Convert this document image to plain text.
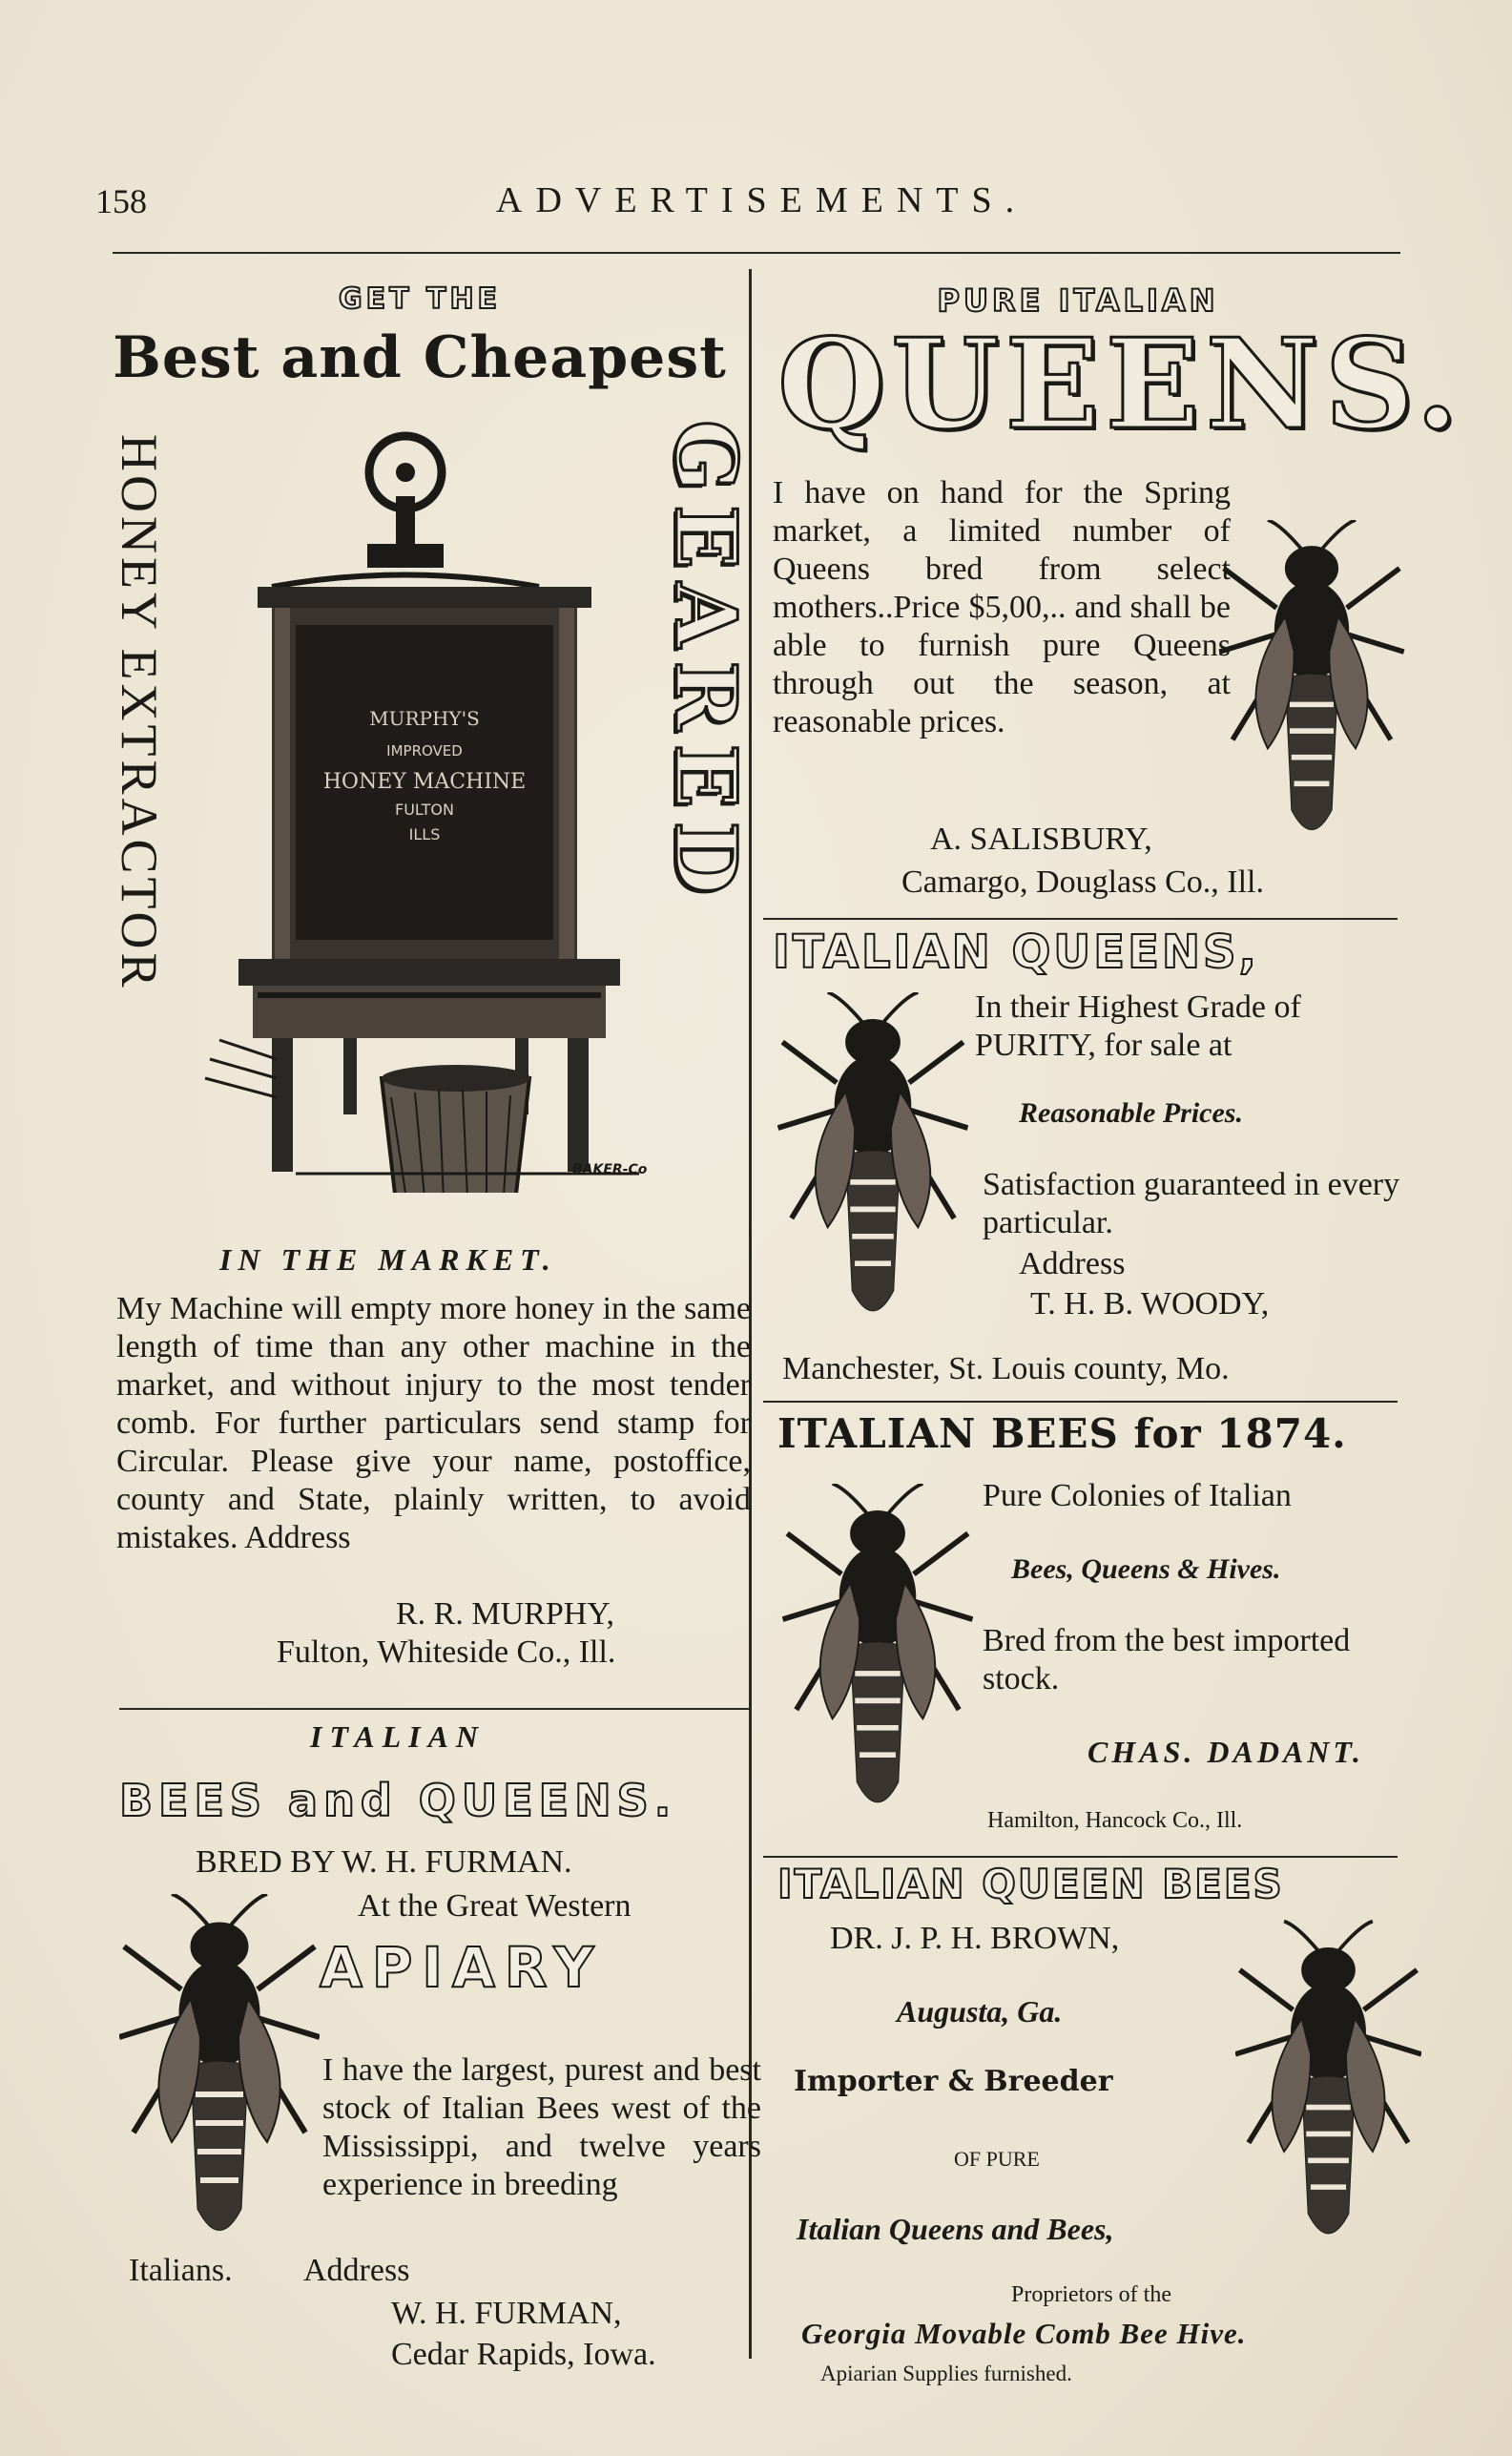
158	ADVERTISEMENTS.
GET THE
Best and Cheapest
HONEY EXTRACTOR	GEARED
MURPHY'S
IMPROVED
HONEY MACHINE
FULTON
ILLS
BAKER-Co
IN THE MARKET.
My Machine will empty more honey in the same length of time than any other machine in the market, and without injury to the most tender comb. For further particulars send stamp for Circular. Please give your name, postoffice, county and State, plainly written, to avoid mistakes. Address
R. R. MURPHY,
Fulton, Whiteside Co., Ill.
ITALIAN
BEES and QUEENS.
BRED BY W. H. FURMAN.
At the Great Western
APIARY
I have the largest, purest and best stock of Italian Bees west of the Mississippi, and twelve years experience in breeding
Italians. Address
W. H. FURMAN,
Cedar Rapids, Iowa.
PURE ITALIAN
QUEENS.
I have on hand for the Spring market, a limited number of Queens bred from select mothers..Price $5,00,.. and shall be able to furnish pure Queens through out the season, at reasonable prices.
A. SALISBURY,
Camargo, Douglass Co., Ill.
ITALIAN QUEENS,
In their Highest Grade of PURITY, for sale at
Reasonable Prices.
Satisfaction guaranteed in every particular.
Address
T. H. B. WOODY,
Manchester, St. Louis county, Mo.
ITALIAN BEES for 1874.
Pure Colonies of Italian
Bees, Queens & Hives.
Bred from the best imported stock.
CHAS. DADANT.
Hamilton, Hancock Co., Ill.
ITALIAN QUEEN BEES
DR. J. P. H. BROWN,
Augusta, Ga.
Importer & Breeder
OF PURE
Italian Queens and Bees,
Proprietors of the
Georgia Movable Comb Bee Hive.
Apiarian Supplies furnished.
